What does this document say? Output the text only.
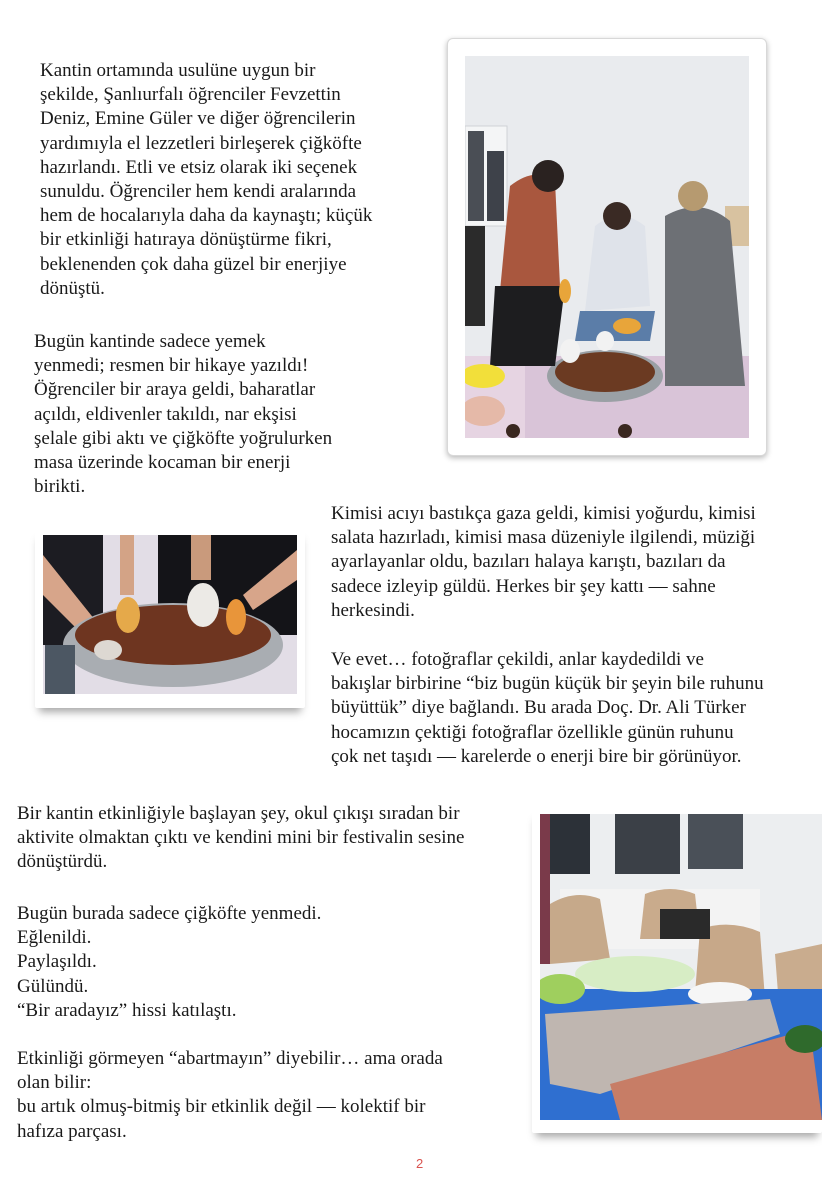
Kantin ortamında usulüne uygun bir
şekilde, Şanlıurfalı öğrenciler Fevzettin
Deniz, Emine Güler ve diğer öğrencilerin
yardımıyla el lezzetleri birleşerek çiğköfte
hazırlandı. Etli ve etsiz olarak iki seçenek
sunuldu. Öğrenciler hem kendi aralarında
hem de hocalarıyla daha da kaynaştı; küçük
bir etkinliği hatıraya dönüştürme fikri,
beklenenden çok daha güzel bir enerjiye
dönüştü.
Bugün kantinde sadece yemek
yenmedi; resmen bir hikaye yazıldı!
Öğrenciler bir araya geldi, baharatlar
açıldı, eldivenler takıldı, nar ekşisi
şelale gibi aktı ve çiğköfte yoğrulurken
masa üzerinde kocaman bir enerji
birikti.
Kimisi acıyı bastıkça gaza geldi, kimisi yoğurdu, kimisi
salata hazırladı, kimisi masa düzeniyle ilgilendi, müziği
ayarlayanlar oldu, bazıları halaya karıştı, bazıları da
sadece izleyip güldü. Herkes bir şey kattı — sahne
herkesindi.
Ve evet… fotoğraflar çekildi, anlar kaydedildi ve
bakışlar birbirine “biz bugün küçük bir şeyin bile ruhunu
büyüttük” diye bağlandı. Bu arada Doç. Dr. Ali Türker
hocamızın çektiği fotoğraflar özellikle günün ruhunu
çok net taşıdı — karelerde o enerji bire bir görünüyor.
Bir kantin etkinliğiyle başlayan şey, okul çıkışı sıradan bir
aktivite olmaktan çıktı ve kendini mini bir festivalin sesine
dönüştürdü.
Bugün burada sadece çiğköfte yenmedi.
Eğlenildi.
Paylaşıldı.
Gülündü.
“Bir aradayız” hissi katılaştı.
Etkinliği görmeyen “abartmayın” diyebilir… ama orada
olan bilir:
bu artık olmuş-bitmiş bir etkinlik değil — kolektif bir
hafıza parçası.
2
